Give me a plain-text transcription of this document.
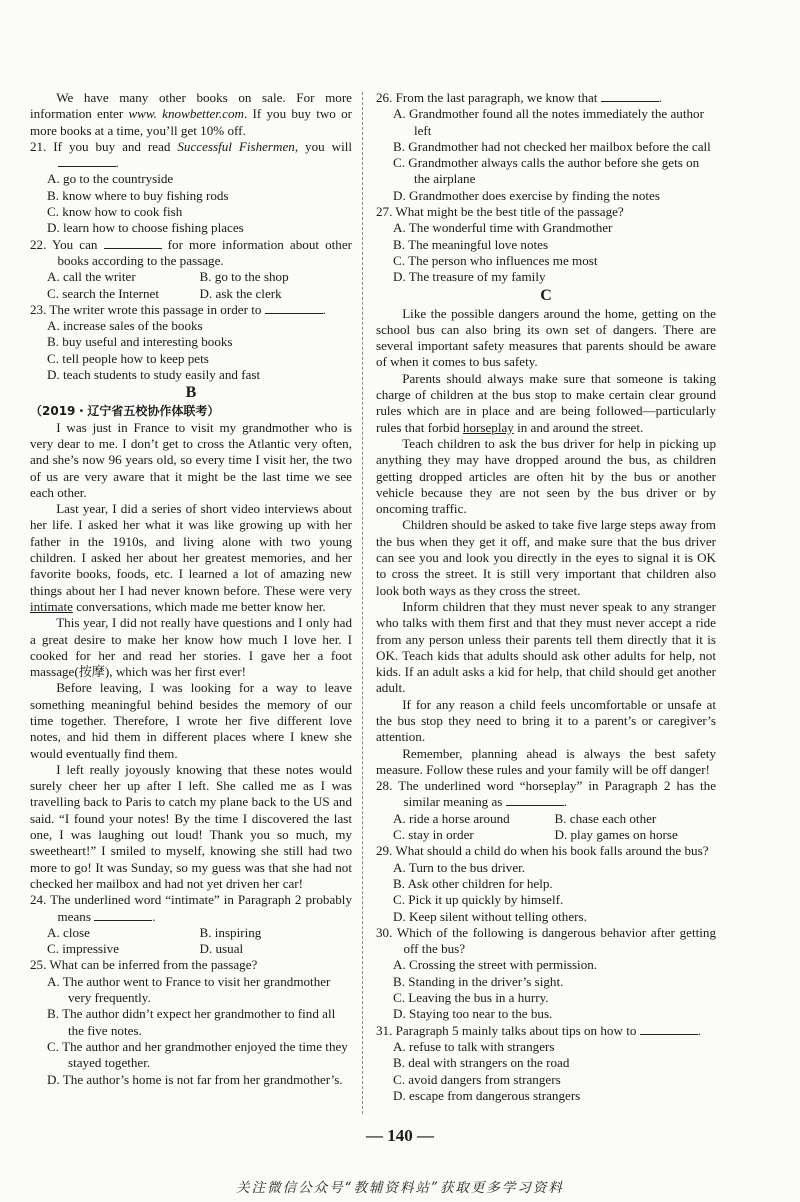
We have many other books on sale. For more information enter www. knowbetter.com. If you buy two or more books at a time, you’ll get 10% off.

21. If you buy and read Successful Fishermen, you will .
A. go to the countryside
B. know where to buy fishing rods
C. know how to cook fish
D. learn how to choose fishing places
22. You can	for more information about other books according to the passage.
A. call the writer	B. go to the shop
C. search the Internet	D. ask the clerk
23. The writer wrote this passage in order to	.
A. increase sales of the books
B. buy useful and interesting books
C. tell people how to keep pets
D. teach students to study easily and fast
B

（2019・辽宁省五校协作体联考）

I was just in France to visit my grandmother who is very dear to me. I don’t get to cross the Atlantic very often, and she’s now 96 years old, so every time I visit her, the two of us are very aware that it might be the last time we see each other.

Last year, I did a series of short video interviews about her life. I asked her what it was like growing up with her father in the 1910s, and living alone with two young children. I asked her about her greatest memories, and her favorite books, foods, etc. I learned a lot of amazing new things about her I had never known before. These were very intimate conversations, which made me better know her.

This year, I did not really have questions and I only had a great desire to make her know how much I love her. I cooked for her and read her stories. I gave her a foot massage(按摩), which was her first ever!

Before leaving, I was looking for a way to leave something meaningful behind besides the memory of our time together. Therefore, I wrote her five different love notes, and hid them in different places where I knew she would eventually find them.

I left really joyously knowing that these notes would surely cheer her up after I left. She called me as I was travelling back to Paris to catch my plane back to the US and said. “I found your notes! By the time I discovered the last one, I was laughing out loud! Thank you so much, my sweetheart!” I smiled to myself, knowing she still had two more to go! It was Sunday, so my guess was that she had not checked her mailbox and had not yet driven her car!

24. The underlined word “intimate” in Paragraph 2 probably means	.
A. close	B. inspiring
C. impressive	D. usual
25. What can be inferred from the passage?
A. The author went to France to visit her grandmother very frequently.
B. The author didn’t expect her grandmother to find all the five notes.
C. The author and her grandmother enjoyed the time they stayed together.
D. The author’s home is not far from her grandmother’s.
26. From the last paragraph, we know that	.
A. Grandmother found all the notes immediately the author left
B. Grandmother had not checked her mailbox before the call
C. Grandmother always calls the author before she gets on the airplane
D. Grandmother does exercise by finding the notes
27. What might be the best title of the passage?
A. The wonderful time with Grandmother
B. The meaningful love notes
C. The person who influences me most
D. The treasure of my family
C

Like the possible dangers around the home, getting on the school bus can also bring its own set of dangers. There are several important safety measures that parents should be aware of when it comes to bus safety.

Parents should always make sure that someone is taking charge of children at the bus stop to make certain clear ground rules which are in place and are being followed—particularly rules that forbid horseplay in and around the street.

Teach children to ask the bus driver for help in picking up anything they may have dropped around the bus, as children getting dropped articles are often hit by the bus or another vehicle because they are not seen by the bus driver or by oncoming traffic.

Children should be asked to take five large steps away from the bus when they get it off, and make sure that the bus driver can see you and look you directly in the eyes to signal it is OK to cross the street. It is still very important that children also look both ways as they cross the street.

Inform children that they must never speak to any stranger who talks with them first and that they must never accept a ride from any person unless their parents tell them directly that it is OK. Teach kids that adults should ask other adults for help, not kids. If an adult asks a kid for help, that child should get another adult.

If for any reason a child feels uncomfortable or unsafe at the bus stop they need to bring it to a parent’s or caregiver’s attention.

Remember, planning ahead is always the best safety measure. Follow these rules and your family will be off danger!

28. The underlined word “horseplay” in Paragraph 2 has the similar meaning as	.
A. ride a horse around	B. chase each other
C. stay in order	D. play games on horse
29. What should a child do when his book falls around the bus?
A. Turn to the bus driver.
B. Ask other children for help.
C. Pick it up quickly by himself.
D. Keep silent without telling others.
30. Which of the following is dangerous behavior after getting off the bus?
A. Crossing the street with permission.
B. Standing in the driver’s sight.
C. Leaving the bus in a hurry.
D. Staying too near to the bus.
31. Paragraph 5 mainly talks about tips on how to	.
A. refuse to talk with strangers
B. deal with strangers on the road
C. avoid dangers from strangers
D. escape from dangerous strangers
— 140 —
关注微信公众号“教辅资料站”获取更多学习资料
